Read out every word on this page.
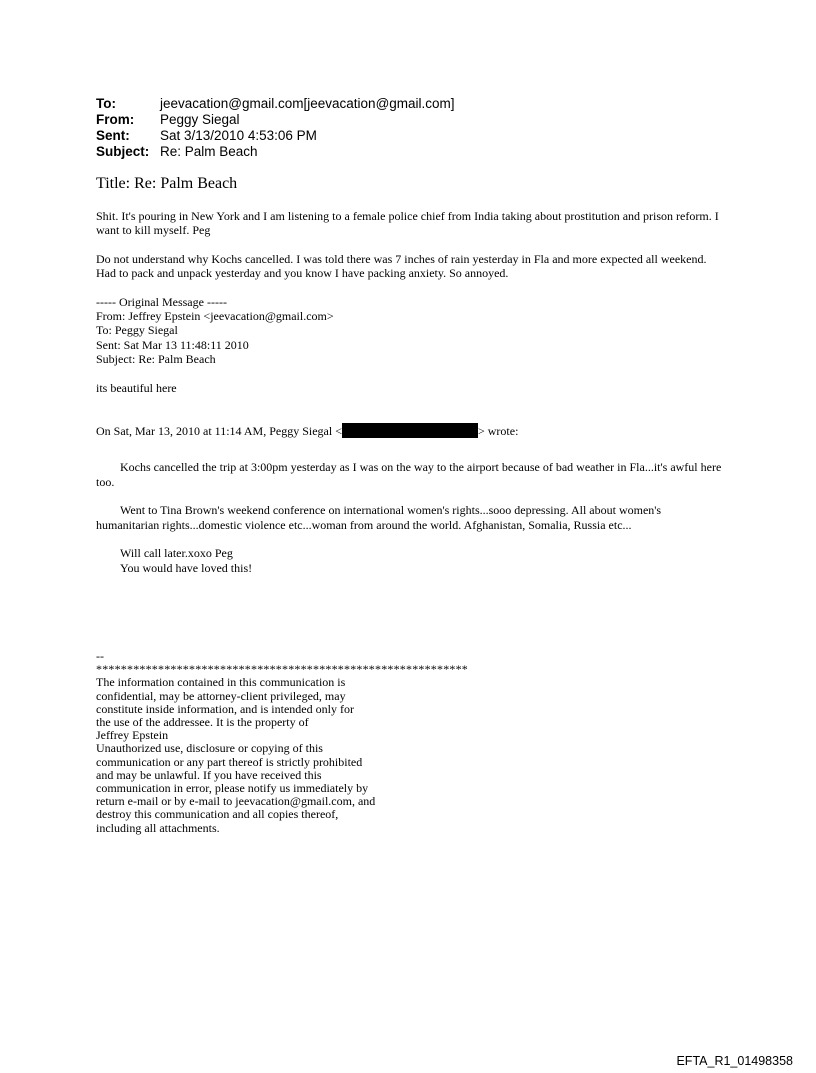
To:	jeevacation@gmail.com[jeevacation@gmail.com]
From:	Peggy Siegal
Sent:	Sat 3/13/2010 4:53:06 PM
Subject: Re: Palm Beach
Title: Re: Palm Beach

Shit. It's pouring in New York and I am listening to a female police chief from India taking about prostitution and prison reform. I want to kill myself. Peg

Do not understand why Kochs cancelled. I was told there was 7 inches of rain yesterday in Fla and more expected all weekend. Had to pack and unpack yesterday and you know I have packing anxiety. So annoyed.

----- Original Message -----

From: Jeffrey Epstein <jeevacation@gmail.com>

To: Peggy Siegal

Sent: Sat Mar 13 11:48:11 2010

Subject: Re: Palm Beach

its beautiful here

On Sat, Mar 13, 2010 at 11:14 AM, Peggy Siegal <	> wrote:

Kochs cancelled the trip at 3:00pm yesterday as I was on the way to the airport because of bad weather in Fla...it's awful here too.

Went to Tina Brown's weekend conference on international women's rights...sooo depressing. All about women's humanitarian rights...domestic violence etc...woman from around the world. Afghanistan, Somalia, Russia etc...

Will call later.xoxo Peg

You would have loved this!

--

************************************************************

The information contained in this communication is

confidential, may be attorney-client privileged, may

constitute inside information, and is intended only for

the use of the addressee. It is the property of

Jeffrey Epstein

Unauthorized use, disclosure or copying of this

communication or any part thereof is strictly prohibited

and may be unlawful. If you have received this

communication in error, please notify us immediately by

return e-mail or by e-mail to jeevacation@gmail.com, and

destroy this communication and all copies thereof,

including all attachments.

EFTA_R1_01498358
